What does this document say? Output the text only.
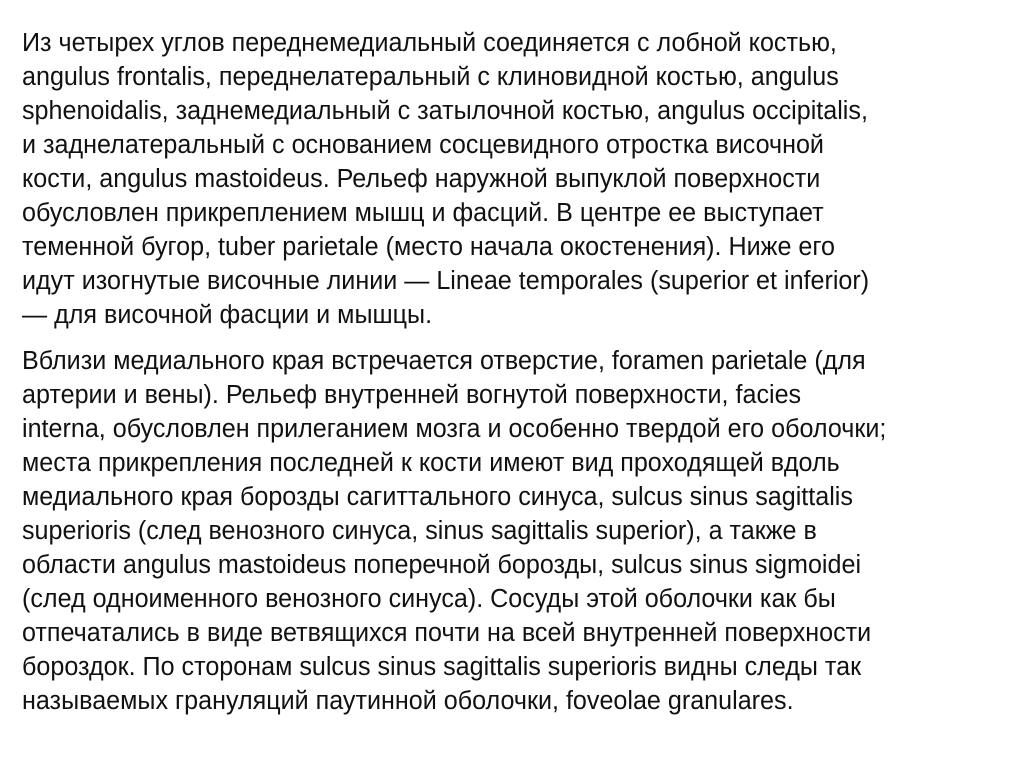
Из четырех углов переднемедиальный соединяется с лобной костью,
angulus frontalis, переднелатеральный с клиновидной костью, angulus
sphenoidalis, заднемедиальный с затылочной костью, angulus occipitalis,
и заднелатеральный с основанием сосцевидного отростка височной
кости, angulus mastoideus. Рельеф наружной выпуклой поверхности
обусловлен прикреплением мышц и фасций. В центре ее выступает
теменной бугор, tuber parietale (место начала окостенения). Ниже его
идут изогнутые височные линии — Lineae temporales (superior et inferior)
— для височной фасции и мышцы.

Вблизи медиального края встречается отверстие, foramen parietale (для
артерии и вены). Рельеф внутренней вогнутой поверхности, facies
interna, обусловлен прилеганием мозга и особенно твердой его оболочки;
места прикрепления последней к кости имеют вид проходящей вдоль
медиального края борозды сагиттального синуса, sulcus sinus sagittalis
superioris (след венозного синуса, sinus sagittalis superior), а также в
области angulus mastoideus поперечной борозды, sulcus sinus sigmoidei
(след одноименного венозного синуса). Сосуды этой оболочки как бы
отпечатались в виде ветвящихся почти на всей внутренней поверхности
бороздок. По сторонам sulcus sinus sagittalis superioris видны следы так
называемых грануляций паутинной оболочки, foveolae granulares.
